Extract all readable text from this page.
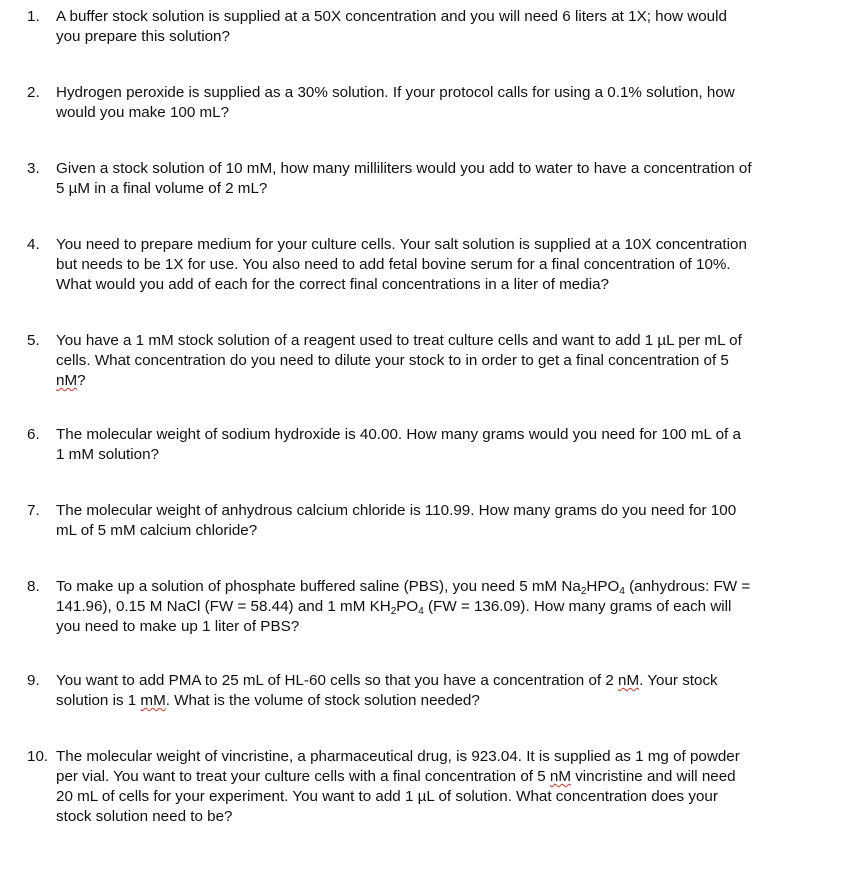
1.	A buffer stock solution is supplied at a 50X concentration and you will need 6 liters at 1X; how would
you prepare this solution?
2.	Hydrogen peroxide is supplied as a 30% solution. If your protocol calls for using a 0.1% solution, how
would you make 100 mL?
3.	Given a stock solution of 10 mM, how many milliliters would you add to water to have a concentration of
5 µM in a final volume of 2 mL?
4.	You need to prepare medium for your culture cells. Your salt solution is supplied at a 10X concentration
but needs to be 1X for use. You also need to add fetal bovine serum for a final concentration of 10%.
What would you add of each for the correct final concentrations in a liter of media?
5.	You have a 1 mM stock solution of a reagent used to treat culture cells and want to add 1 µL per mL of
cells. What concentration do you need to dilute your stock to in order to get a final concentration of 5
nM?
6.	The molecular weight of sodium hydroxide is 40.00. How many grams would you need for 100 mL of a
1 mM solution?
7.	The molecular weight of anhydrous calcium chloride is 110.99. How many grams do you need for 100
mL of 5 mM calcium chloride?
8.	To make up a solution of phosphate buffered saline (PBS), you need 5 mM $Na_2HPO_4$ (anhydrous: FW =
141.96), 0.15 M NaCl (FW = 58.44) and 1 mM $KH_2PO_4$ (FW = 136.09). How many grams of each will
you need to make up 1 liter of PBS?
9.	You want to add PMA to 25 mL of HL-60 cells so that you have a concentration of 2 nM. Your stock
solution is 1 mM. What is the volume of stock solution needed?
10. The molecular weight of vincristine, a pharmaceutical drug, is 923.04. It is supplied as 1 mg of powder
per vial. You want to treat your culture cells with a final concentration of 5 nM vincristine and will need
20 mL of cells for your experiment. You want to add 1 µL of solution. What concentration does your
stock solution need to be?
